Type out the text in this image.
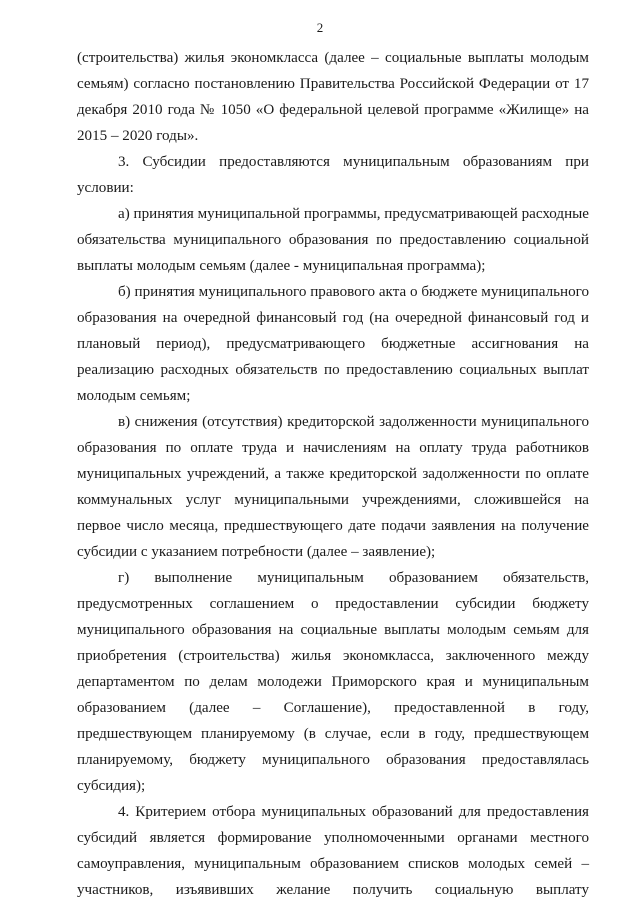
2

(строительства) жилья экономкласса (далее – социальные выплаты молодым семьям) согласно постановлению Правительства Российской Федерации от 17 декабря 2010 года № 1050 «О федеральной целевой программе «Жилище» на 2015 – 2020 годы».

3. Субсидии предоставляются муниципальным образованиям при условии:

а) принятия муниципальной программы, предусматривающей расходные обязательства муниципального образования по предоставлению социальной выплаты молодым семьям (далее - муниципальная программа);

б) принятия муниципального правового акта о бюджете муниципального образования на очередной финансовый год (на очередной финансовый год и плановый период), предусматривающего бюджетные ассигнования на реализацию расходных обязательств по предоставлению социальных выплат молодым семьям;

в) снижения (отсутствия) кредиторской задолженности муниципального образования по оплате труда и начислениям на оплату труда работников муниципальных учреждений, а также кредиторской задолженности по оплате коммунальных услуг муниципальными учреждениями, сложившейся на первое число месяца, предшествующего дате подачи заявления на получение субсидии с указанием потребности (далее – заявление);

г) выполнение муниципальным образованием обязательств, предусмотренных соглашением о предоставлении субсидии бюджету муниципального образования на социальные выплаты молодым семьям для приобретения (строительства) жилья экономкласса, заключенного между департаментом по делам молодежи Приморского края и муниципальным образованием (далее – Соглашение), предоставленной в году, предшествующем планируемому (в случае, если в году, предшествующем планируемому, бюджету муниципального образования предоставлялась субсидия);

4. Критерием отбора муниципальных образований для предоставления субсидий является формирование уполномоченными органами местного самоуправления, муниципальным образованием списков молодых семей – участников, изъявивших желание получить социальную выплату
